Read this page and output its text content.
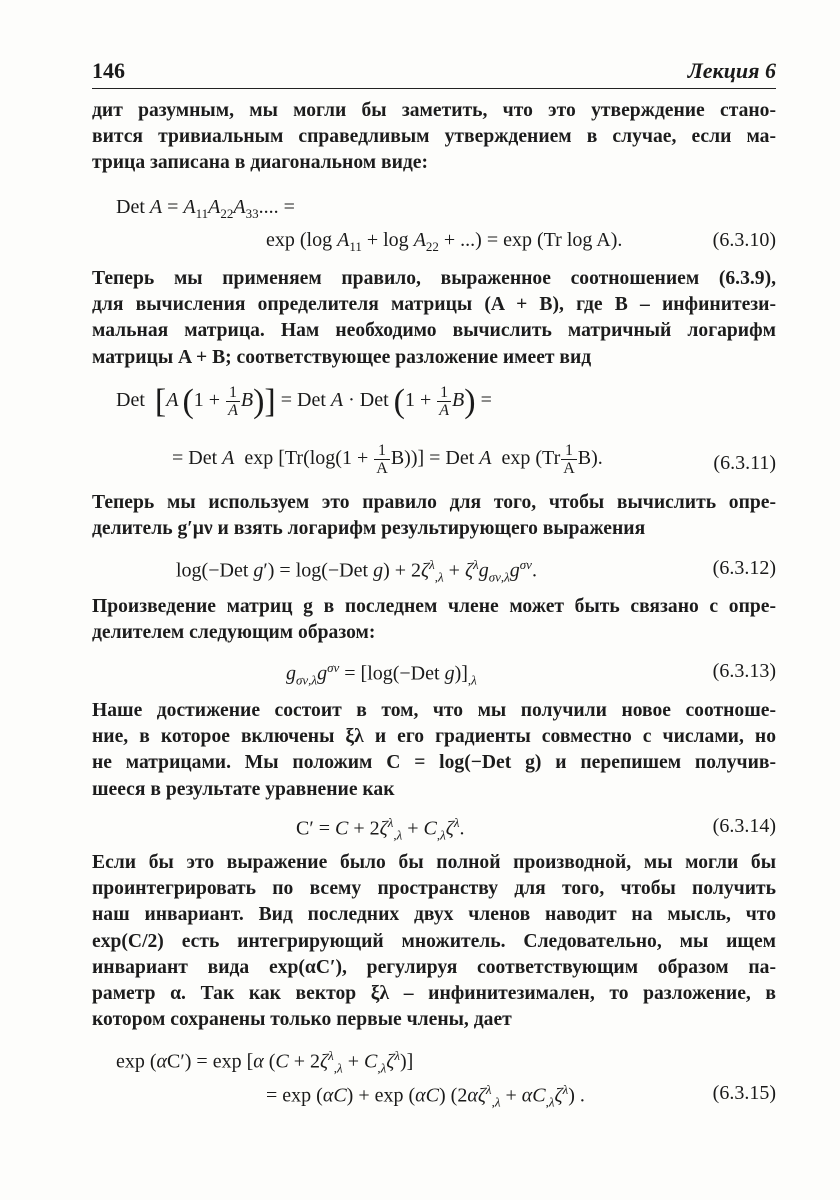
146	Лекция 6
дит разумным, мы могли бы заметить, что это утверждение стано-
вится тривиальным справедливым утверждением в случае, если ма-
трица записана в диагональном виде:
Det $A = A_{11}A_{22}A_{33}$.... =
exp (log $A_{11} + \log A_{22}$ + ...) = exp (Tr log A).	(6.3.10)
Теперь мы применяем правило, выраженное соотношением (6.3.9),
для вычисления определителя матрицы (A + B), где B – инфинитези-
мальная матрица. Нам необходимо вычислить матричный логарифм
матрицы A + B; соответствующее разложение имеет вид
Det  [A  $(1 + \frac{1}{A} B)$] = Det A · Det $(1 + \frac{1}{A} B)$ =
= Det A  $\exp [Tr(\log(1 + \frac{1}{A} B))]$ = Det A  $\exp (Tr \frac{1}{A} B)$.	(6.3.11)
Теперь мы используем это правило для того, чтобы вычислить опре-
делитель g′μν и взять логарифм результирующего выражения
log(−Det g′) = log(−Det $g) + 2\zeta^\lambda_{,\lambda} + \zeta^\lambda g_{\sigma\nu,\lambda}g^{\sigma\nu}$.	(6.3.12)
Произведение матриц g в последнем члене может быть связано с опре-
делителем следующим образом:
$g_{\sigma\nu,\lambda}g^{\sigma\nu} = [\log(-Det$ $g)]_{,\lambda}$	(6.3.13)
Наше достижение состоит в том, что мы получили новое соотноше-
ние, в которое включены ξλ и его градиенты совместно с числами, но
не матрицами. Мы положим C = log(−Det g) и перепишем получив-
шееся в результате уравнение как
$C' = C + 2\zeta^\lambda_{,\lambda} + C_{,\lambda}\zeta^\lambda$.	(6.3.14)
Если бы это выражение было бы полной производной, мы могли бы
проинтегрировать по всему пространству для того, чтобы получить
наш инвариант. Вид последних двух членов наводит на мысль, что
exp(C/2) есть интегрирующий множитель. Следовательно, мы ищем
инвариант вида exp(αC′), регулируя соответствующим образом па-
раметр α. Так как вектор ξλ – инфинитезимален, то разложение, в
котором сохранены только первые члены, дает
exp (αC′) = exp [α $(C + 2\zeta^\lambda_{,\lambda} + C_{,\lambda}\zeta^\lambda)$]
= exp (αC) + exp (αC) $(2\alpha\zeta^\lambda_{,\lambda} + \alpha C_{,\lambda}\zeta^\lambda)$ .	(6.3.15)
